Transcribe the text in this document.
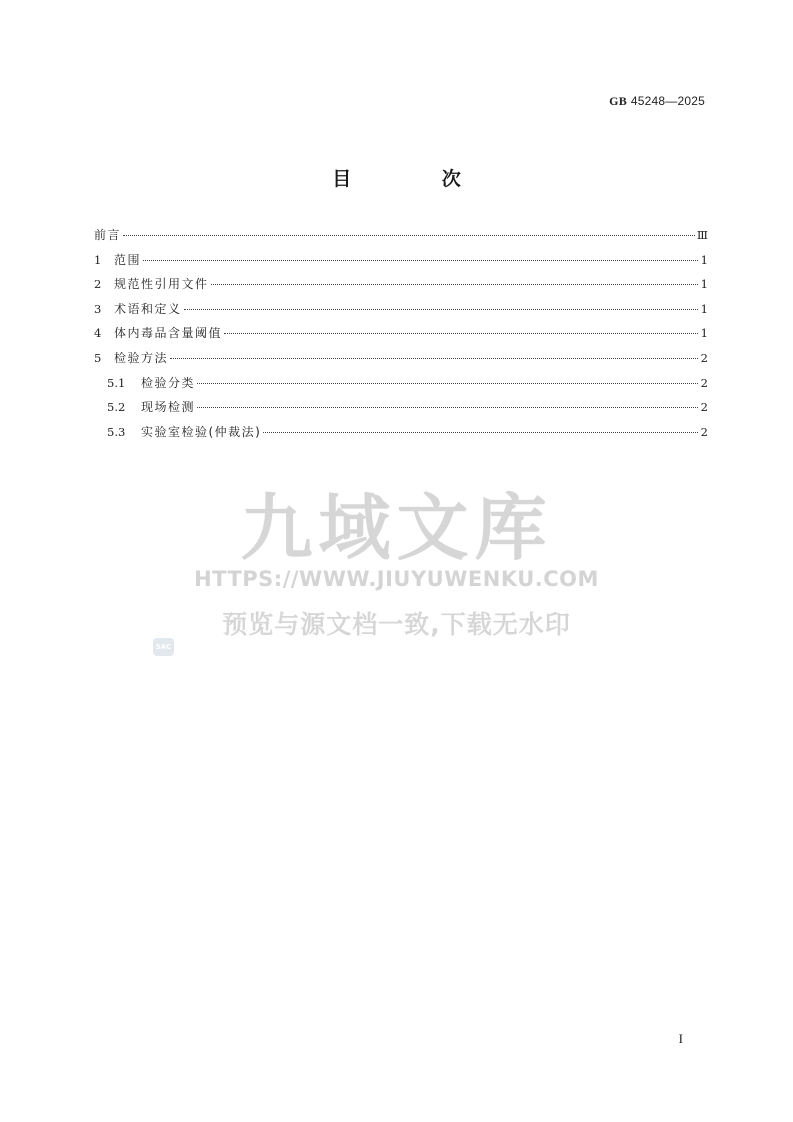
GB 45248—2025
目 次
前言	Ⅲ
1	范围	1
2	规范性引用文件	1
3	术语和定义	1
4	体内毒品含量阈值	1
5	检验方法	2
5.1	检验分类	2
5.2	现场检测	2
5.3	实验室检验(仲裁法)	2
九域文库
HTTPS://WWW.JIUYUWENKU.COM
预览与源文档一致,下载无水印
SAC
I
